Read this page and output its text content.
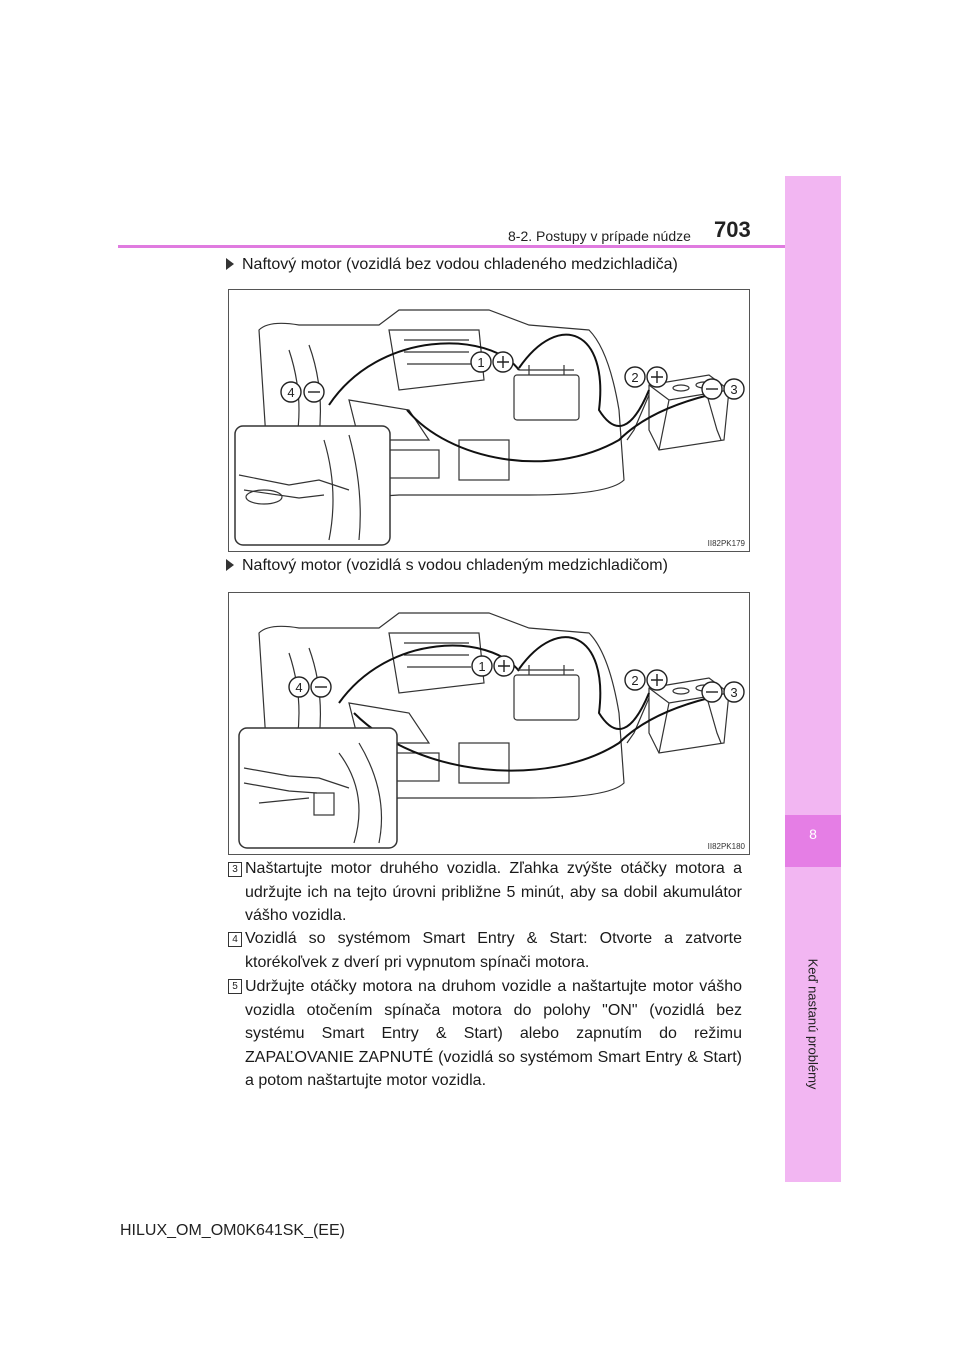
8
Keď nastanú problémy
8-2. Postupy v prípade núdze 703
Naftový motor (vozidlá bez vodou chladeného medzichladiča)
1
2
3
4
II82PK179
Naftový motor (vozidlá s vodou chladeným medzichladičom)
1
2
3
4
II82PK180
3 Naštartujte motor druhého vozidla. Zľahka zvýšte otáčky motora a udržujte ich na tejto úrovni približne 5 minút, aby sa dobil akumulátor vášho vozidla.
4 Vozidlá so systémom Smart Entry & Start: Otvorte a zatvorte ktorékoľvek z dverí pri vypnutom spínači motora.
5 Udržujte otáčky motora na druhom vozidle a naštartujte motor vášho vozidla otočením spínača motora do polohy "ON" (vozidlá bez systému Smart Entry & Start) alebo zapnutím do režimu ZAPAĽOVANIE ZAPNUTÉ (vozidlá so systémom Smart Entry & Start) a potom naštartujte motor vozidla.
HILUX_OM_OM0K641SK_(EE)
